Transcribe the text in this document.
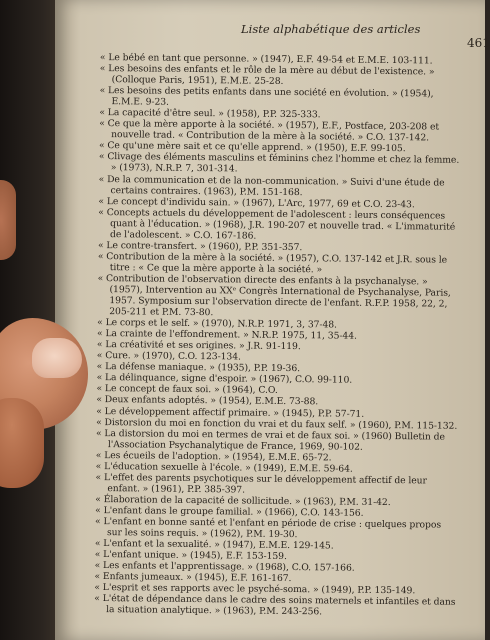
Liste alphabétique des articles
461
« Le bébé en tant que personne. » (1947), E.F. 49-54 et E.M.E. 103-111.
« Les besoins des enfants et le rôle de la mère au début de l'existence. » (Colloque Paris, 1951), E.M.E. 25-28.
« Les besoins des petits enfants dans une société en évolution. » (1954), E.M.E. 9-23.
« La capacité d'être seul. » (1958), P.P. 325-333.
« Ce que la mère apporte à la société. » (1957), E.F., Postface, 203-208 et nouvelle trad. « Contribution de la mère à la société. » C.O. 137-142.
« Ce qu'une mère sait et ce qu'elle apprend. » (1950), E.F. 99-105.
« Clivage des éléments masculins et féminins chez l'homme et chez la femme. » (1973), N.R.P. 7, 301-314.
« De la communication et de la non-communication. » Suivi d'une étude de certains contraires. (1963), P.M. 151-168.
« Le concept d'individu sain. » (1967), L'Arc, 1977, 69 et C.O. 23-43.
« Concepts actuels du développement de l'adolescent : leurs conséquences quant à l'éducation. » (1968), J.R. 190-207 et nouvelle trad. « L'immaturité de l'adolescent. » C.O. 167-186.
« Le contre-transfert. » (1960), P.P. 351-357.
« Contribution de la mère à la société. » (1957), C.O. 137-142 et J.R. sous le titre : « Ce que la mère apporte à la société. »
« Contribution de l'observation directe des enfants à la psychanalyse. » (1957), Intervention au XXᵉ Congrès International de Psychanalyse, Paris, 1957. Symposium sur l'observation directe de l'enfant. R.F.P. 1958, 22, 2, 205-211 et P.M. 73-80.
« Le corps et le self. » (1970), N.R.P. 1971, 3, 37-48.
« La crainte de l'effondrement. » N.R.P. 1975, 11, 35-44.
« La créativité et ses origines. » J.R. 91-119.
« Cure. » (1970), C.O. 123-134.
« La défense maniaque. » (1935), P.P. 19-36.
« La délinquance, signe d'espoir. » (1967), C.O. 99-110.
« Le concept de faux soi. » (1964), C.O.
« Deux enfants adoptés. » (1954), E.M.E. 73-88.
« Le développement affectif primaire. » (1945), P.P. 57-71.
« Distorsion du moi en fonction du vrai et du faux self. » (1960), P.M. 115-132.
« La distorsion du moi en termes de vrai et de faux soi. » (1960) Bulletin de l'Association Psychanalytique de France, 1969, 90-102.
« Les écueils de l'adoption. » (1954), E.M.E. 65-72.
« L'éducation sexuelle à l'école. » (1949), E.M.E. 59-64.
« L'effet des parents psychotiques sur le développement affectif de leur enfant. » (1961), P.P. 385-397.
« Élaboration de la capacité de sollicitude. » (1963), P.M. 31-42.
« L'enfant dans le groupe familial. » (1966), C.O. 143-156.
« L'enfant en bonne santé et l'enfant en période de crise : quelques propos sur les soins requis. » (1962), P.M. 19-30.
« L'enfant et la sexualité. » (1947), E.M.E. 129-145.
« L'enfant unique. » (1945), E.F. 153-159.
« Les enfants et l'apprentissage. » (1968), C.O. 157-166.
« Enfants jumeaux. » (1945), E.F. 161-167.
« L'esprit et ses rapports avec le psyché-soma. » (1949), P.P. 135-149.
« L'état de dépendance dans le cadre des soins maternels et infantiles et dans la situation analytique. » (1963), P.M. 243-256.
